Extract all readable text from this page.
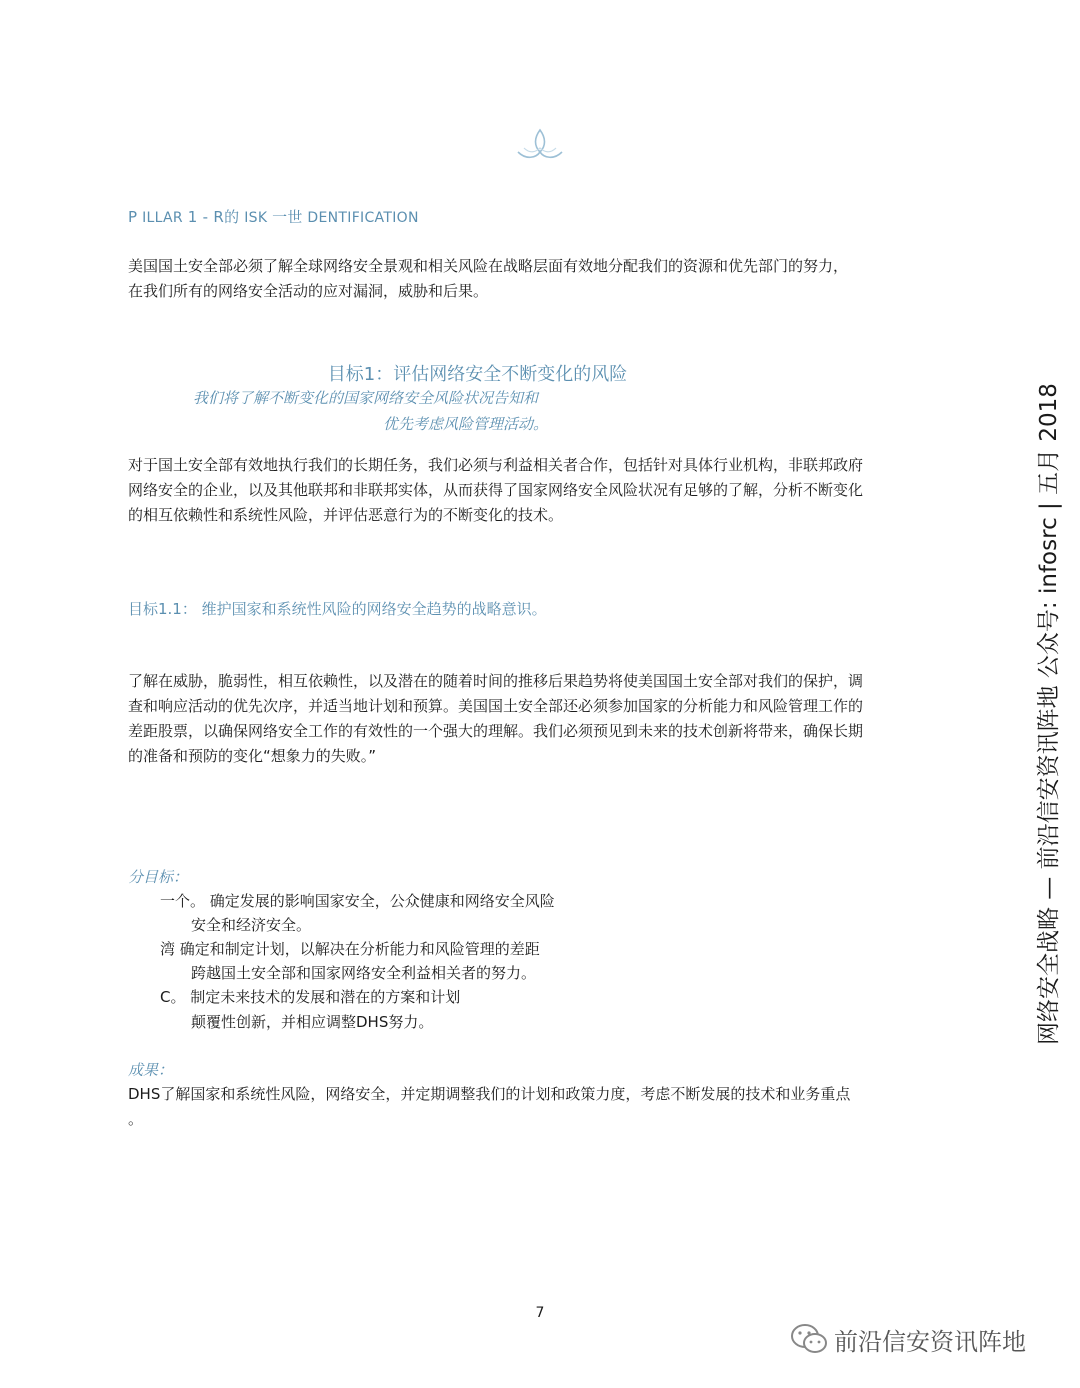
P ILLAR 1 - R的 ISK 一世 DENTIFICATION

美国国土安全部必须了解全球网络安全景观和相关风险在战略层面有效地分配我们的资源和优先部门的努力，
在我们所有的网络安全活动的应对漏洞，威胁和后果。

目标1：评估网络安全不断变化的风险
我们将了解不断变化的国家网络安全风险状况告知和
优先考虑风险管理活动。

对于国土安全部有效地执行我们的长期任务，我们必须与利益相关者合作，包括针对具体行业机构，非联邦政府
网络安全的企业，以及其他联邦和非联邦实体，从而获得了国家网络安全风险状况有足够的了解，分析不断变化
的相互依赖性和系统性风险，并评估恶意行为的不断变化的技术。

目标1.1： 维护国家和系统性风险的网络安全趋势的战略意识。

了解在威胁，脆弱性，相互依赖性，以及潜在的随着时间的推移后果趋势将使美国国土安全部对我们的保护，调
查和响应活动的优先次序，并适当地计划和预算。美国国土安全部还必须参加国家的分析能力和风险管理工作的
差距股票，以确保网络安全工作的有效性的一个强大的理解。我们必须预见到未来的技术创新将带来，确保长期
的准备和预防的变化“想象力的失败。”

分目标：
一个。 确定发展的影响国家安全，公众健康和网络安全风险
安全和经济安全。
湾 确定和制定计划，以解决在分析能力和风险管理的差距
跨越国土安全部和国家网络安全利益相关者的努力。
C。 制定未来技术的发展和潜在的方案和计划
颠覆性创新，并相应调整DHS努力。
成果：

DHS了解国家和系统性风险，网络安全，并定期调整我们的计划和政策力度，考虑不断发展的技术和业务重点
。

网络安全战略 — 前沿信安资讯阵地 公众号: infosrc | 五月 2018
7
前沿信安资讯阵地
